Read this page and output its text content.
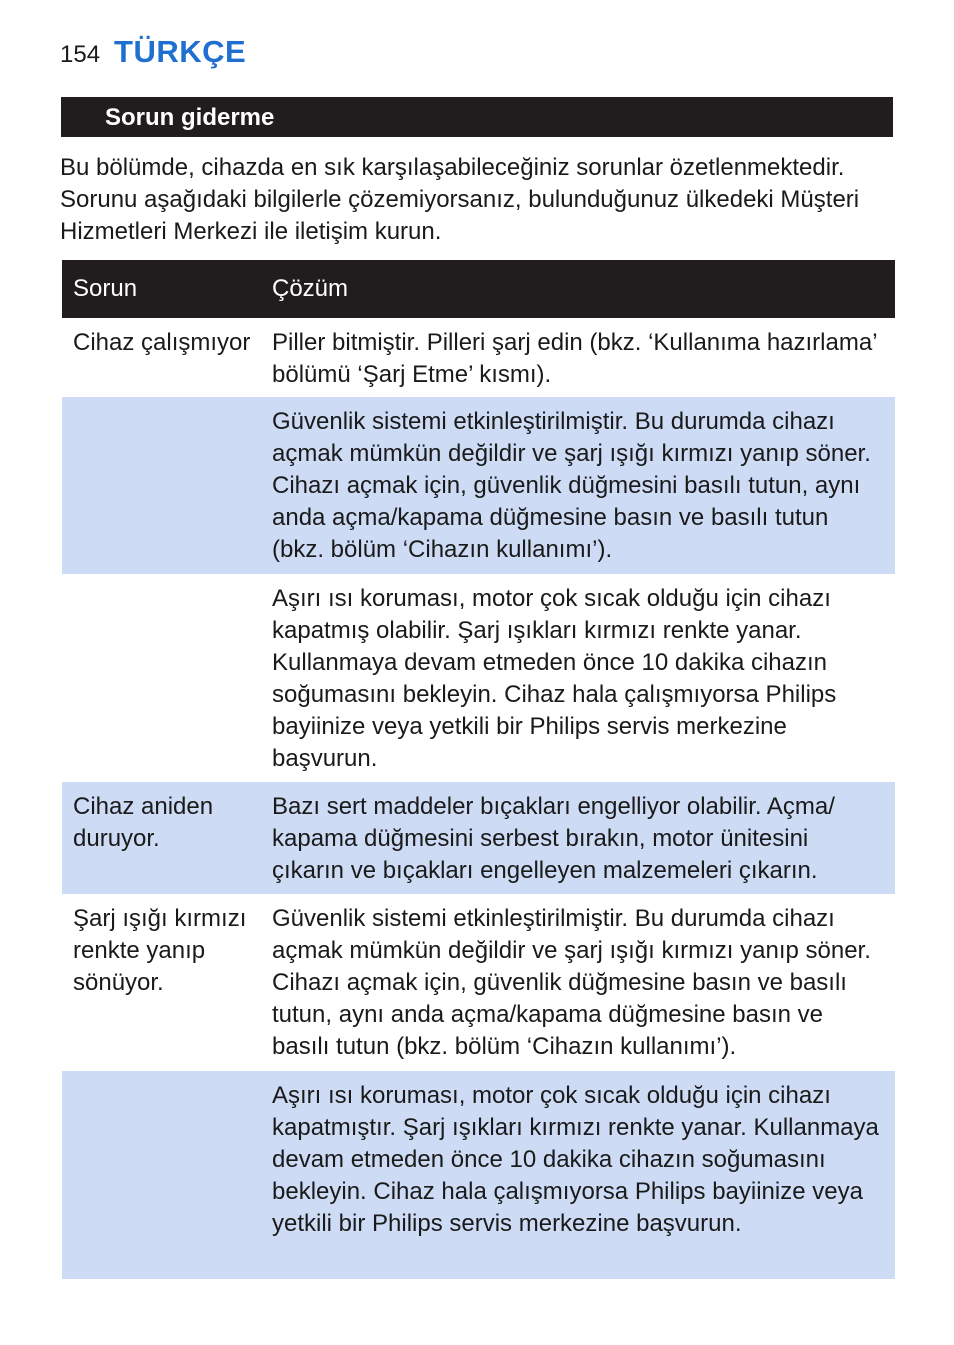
154 TÜRKÇE
Sorun giderme

Bu bölümde, cihazda en sık karşılaşabileceğiniz sorunlar özetlenmektedir. Sorunu aşağıdaki bilgilerle çözemiyorsanız, bulunduğunuz ülkedeki Müşteri Hizmetleri Merkezi ile iletişim kurun.

Sorun	Çözüm
Cihaz çalışmıyor Piller bitmiştir. Pilleri şarj edin (bkz. ‘Kullanıma hazırlama’ bölümü ‘Şarj Etme’ kısmı).
Güvenlik sistemi etkinleştirilmiştir. Bu durumda cihazı açmak mümkün değildir ve şarj ışığı kırmızı yanıp söner. Cihazı açmak için, güvenlik düğmesini basılı tutun, aynı anda açma/kapama düğmesine basın ve basılı tutun (bkz. bölüm ‘Cihazın kullanımı’).
Aşırı ısı koruması, motor çok sıcak olduğu için cihazı kapatmış olabilir. Şarj ışıkları kırmızı renkte yanar. Kullanmaya devam etmeden önce 10 dakika cihazın soğumasını bekleyin. Cihaz hala çalışmıyorsa Philips bayiinize veya yetkili bir Philips servis merkezine başvurun.
Cihaz aniden duruyor.
Bazı sert maddeler bıçakları engelliyor olabilir. Açma/ kapama düğmesini serbest bırakın, motor ünitesini çıkarın ve bıçakları engelleyen malzemeleri çıkarın.
Şarj ışığı kırmızı renkte yanıp sönüyor.
Güvenlik sistemi etkinleştirilmiştir. Bu durumda cihazı açmak mümkün değildir ve şarj ışığı kırmızı yanıp söner. Cihazı açmak için, güvenlik düğmesine basın ve basılı tutun, aynı anda açma/kapama düğmesine basın ve basılı tutun (bkz. bölüm ‘Cihazın kullanımı’).
Aşırı ısı koruması, motor çok sıcak olduğu için cihazı kapatmıştır. Şarj ışıkları kırmızı renkte yanar. Kullanmaya devam etmeden önce 10 dakika cihazın soğumasını bekleyin. Cihaz hala çalışmıyorsa Philips bayiinize veya yetkili bir Philips servis merkezine başvurun.
